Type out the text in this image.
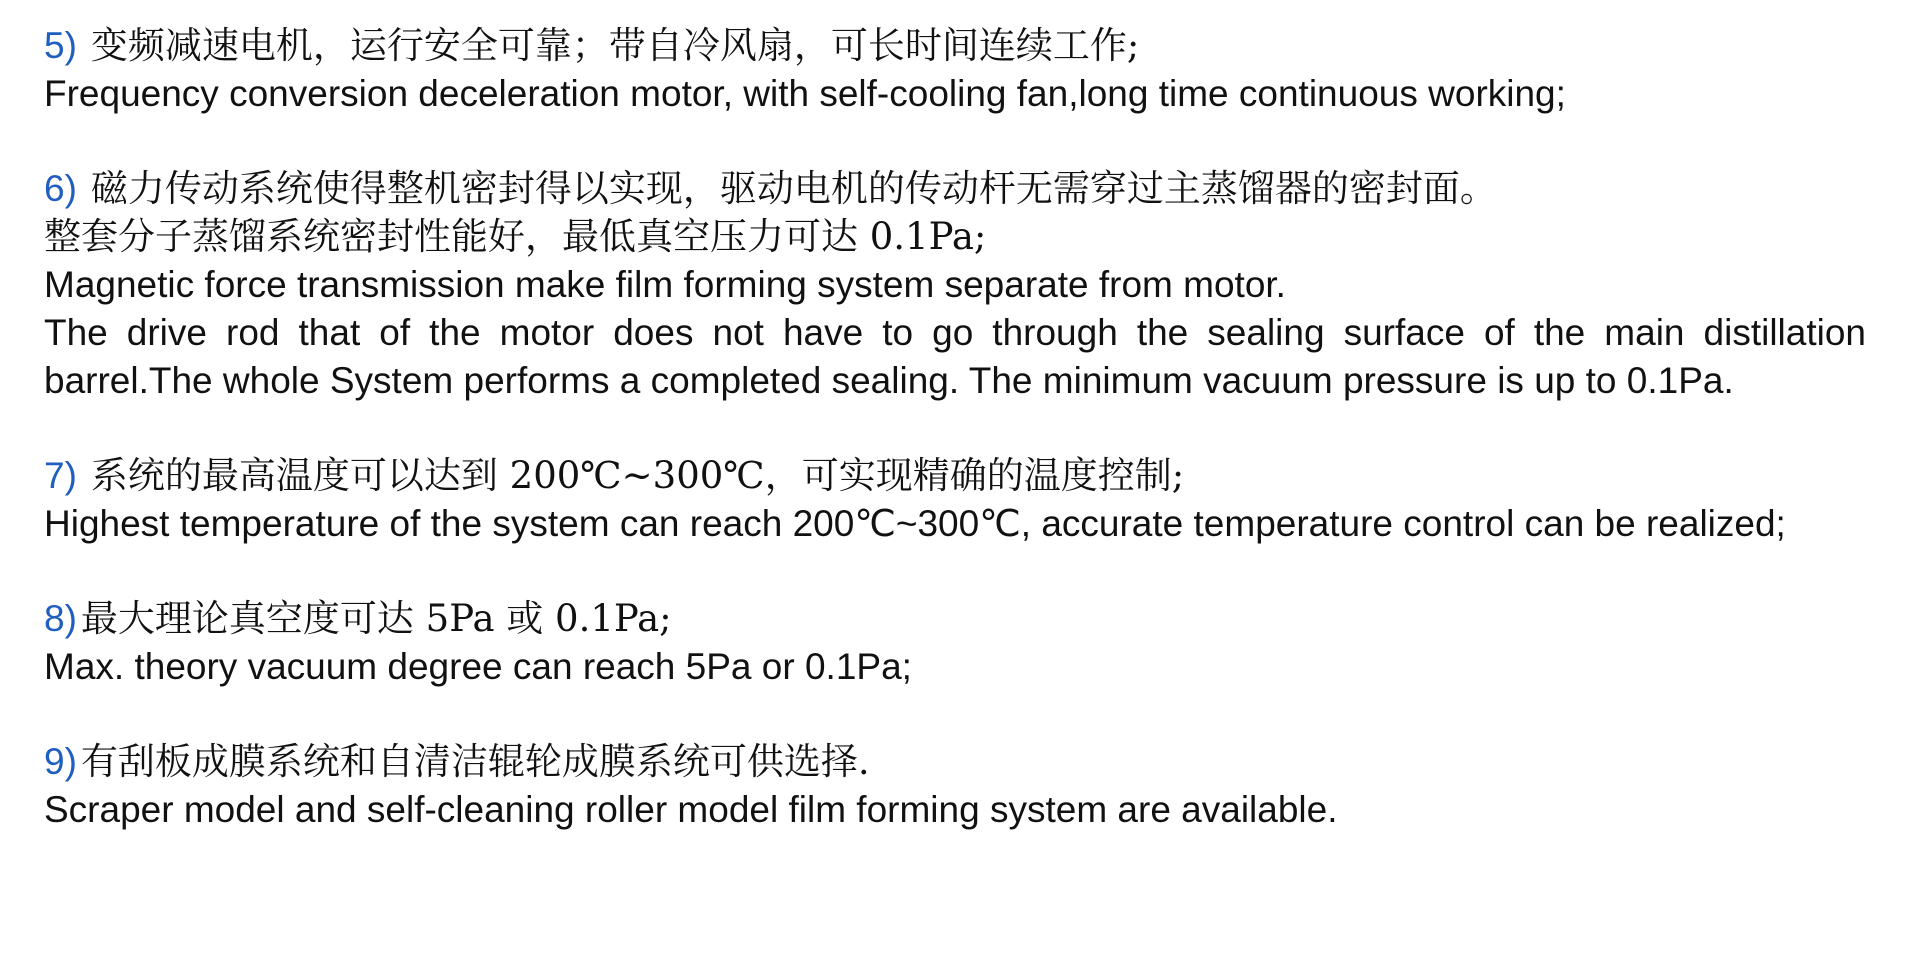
5) 变频减速电机，运行安全可靠；带自冷风扇，可长时间连续工作;
Frequency conversion deceleration motor, with self-cooling fan,long time continuous working;
6) 磁力传动系统使得整机密封得以实现，驱动电机的传动杆无需穿过主蒸馏器的密封面。
整套分子蒸馏系统密封性能好，最低真空压力可达 0.1Pa;
Magnetic force transmission make film forming system separate from motor.
The drive rod that of the motor does not have to go through the sealing surface of the main distillation barrel.The whole System performs a completed sealing. The minimum vacuum pressure is up to 0.1Pa.
7) 系统的最高温度可以达到 200℃~300℃，可实现精确的温度控制;
Highest temperature of the system can reach 200℃~300℃, accurate temperature control can be realized;
8) 最大理论真空度可达 5Pa 或 0.1Pa;
Max. theory vacuum degree can reach 5Pa or 0.1Pa;
9) 有刮板成膜系统和自清洁辊轮成膜系统可供选择.
Scraper model and self-cleaning roller model film forming system are available.
